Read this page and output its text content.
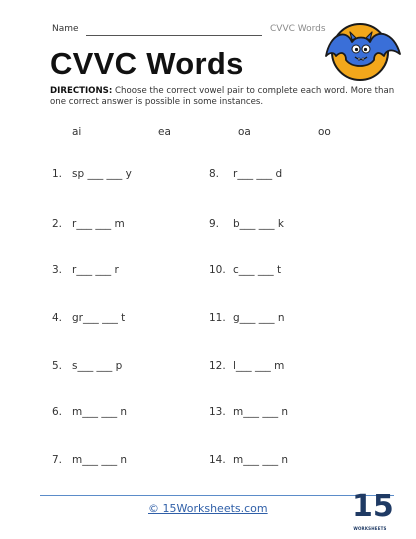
Name	CVVC Words
CVVC Words
DIRECTIONS: Choose the correct vowel pair to complete each word. More than one correct answer is possible in some instances.
ai	ea	oa	oo
1. sp ___ ___ y
2. r___ ___ m
3. r___ ___ r
4. gr___ ___ t
5. s___ ___ p
6. m___ ___ n
7. m___ ___ n
8. r___ ___ d
9. b___ ___ k
10. c___ ___ t
11. g___ ___ n
12. l___ ___ m
13. m___ ___ n
14. m___ ___ n
© 15Worksheets.com	15
WORKSHEETS
